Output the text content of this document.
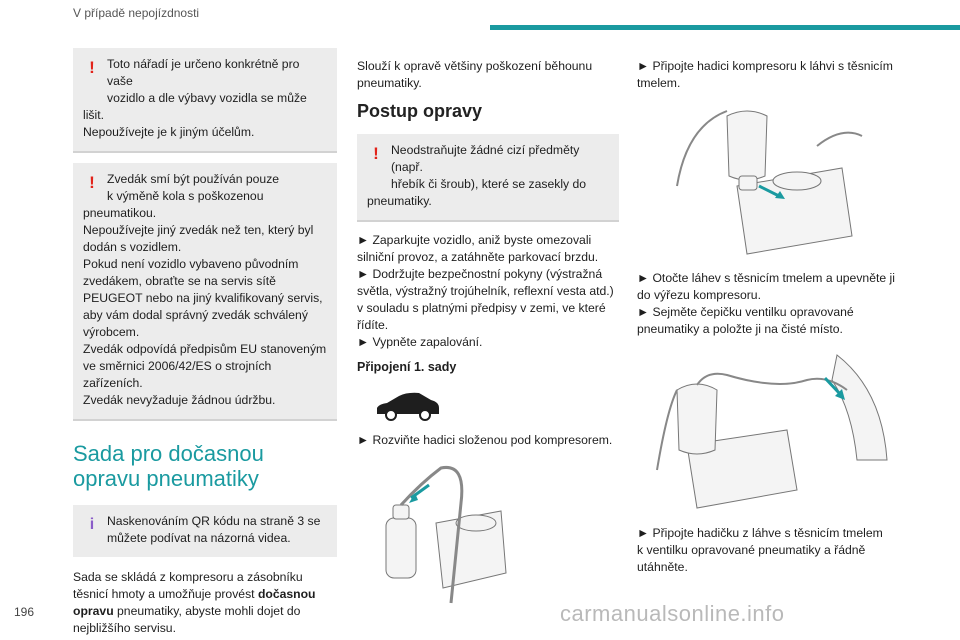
V případě nepojízdnosti
! Toto nářadí je určeno konkrétně pro vaše

vozidlo a dle výbavy vozidla se může

lišit.

Nepoužívejte je k jiným účelům.

! Zvedák smí být používán pouze

k výměně kola s poškozenou

pneumatikou.

Nepoužívejte jiný zvedák než ten, který byl

dodán s vozidlem.

Pokud není vozidlo vybaveno původním

zvedákem, obraťte se na servis sítě

PEUGEOT nebo na jiný kvalifikovaný servis,

aby vám dodal správný zvedák schválený

výrobcem.

Zvedák odpovídá předpisům EU stanoveným

ve směrnici 2006/42/ES o strojních

zařízeních.

Zvedák nevyžaduje žádnou údržbu.

Sada pro dočasnou
opravu pneumatiky
i	Naskenováním QR kódu na straně 3 se

můžete podívat na názorná videa.

Sada se skládá z kompresoru a zásobníku
těsnicí hmoty a umožňuje provést dočasnou
opravu pneumatiky, abyste mohli dojet do
nejbližšího servisu.
Slouží k opravě většiny poškození běhounu
pneumatiky.
Postup opravy
! Neodstraňujte žádné cizí předměty (např.

hřebík či šroub), které se zasekly do

pneumatiky.

► Zaparkujte vozidlo, aniž byste omezovali
silniční provoz, a zatáhněte parkovací brzdu.
► Dodržujte bezpečnostní pokyny (výstražná
světla, výstražný trojúhelník, reflexní vesta atd.)
v souladu s platnými předpisy v zemi, ve které
řídíte.
► Vypněte zapalování.
Připojení 1. sady
► Rozviňte hadici složenou pod kompresorem.
► Připojte hadici kompresoru k láhvi s těsnicím
tmelem.
► Otočte láhev s těsnicím tmelem a upevněte ji
do výřezu kompresoru.
► Sejměte čepičku ventilku opravované
pneumatiky a položte ji na čisté místo.
► Připojte hadičku z láhve s těsnicím tmelem
k ventilku opravované pneumatiky a řádně
utáhněte.
196	carmanualsonline.info
